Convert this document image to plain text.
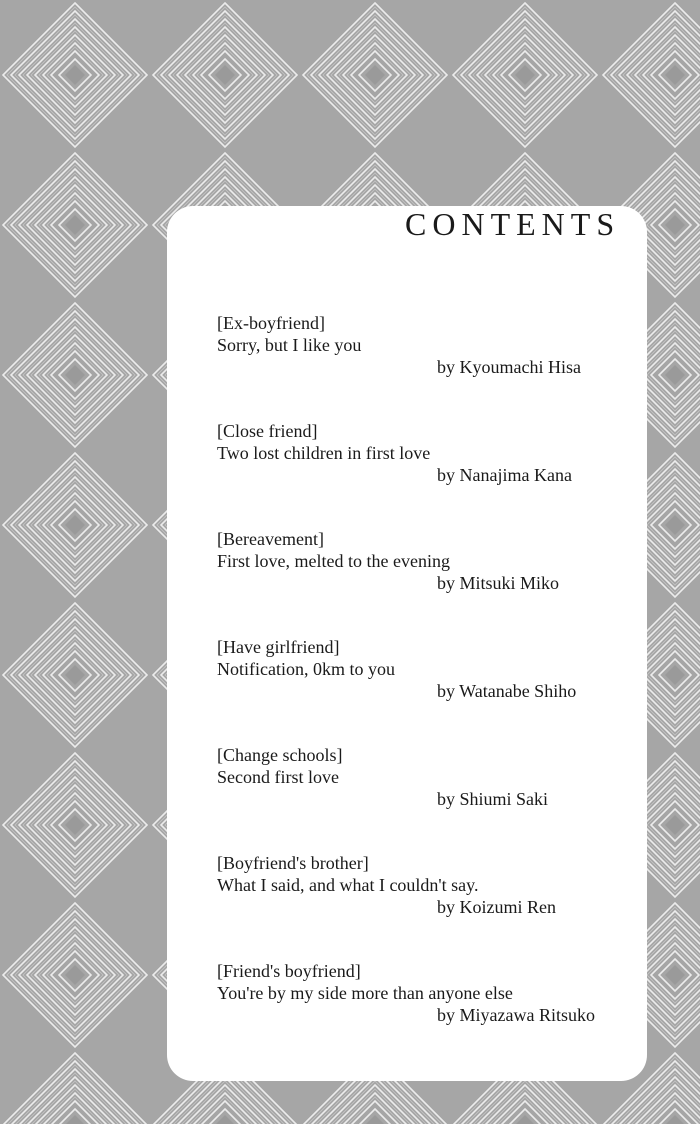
CONTENTS
[Ex-boyfriend]
Sorry, but I like you
by Kyoumachi Hisa
[Close friend]
Two lost children in first love
by Nanajima Kana
[Bereavement]
First love, melted to the evening
by Mitsuki Miko
[Have girlfriend]
Notification, 0km to you
by Watanabe Shiho
[Change schools]
Second first love
by Shiumi Saki
[Boyfriend's brother]
What I said, and what I couldn't say.
by Koizumi Ren
[Friend's boyfriend]
You're by my side more than anyone else
by Miyazawa Ritsuko
